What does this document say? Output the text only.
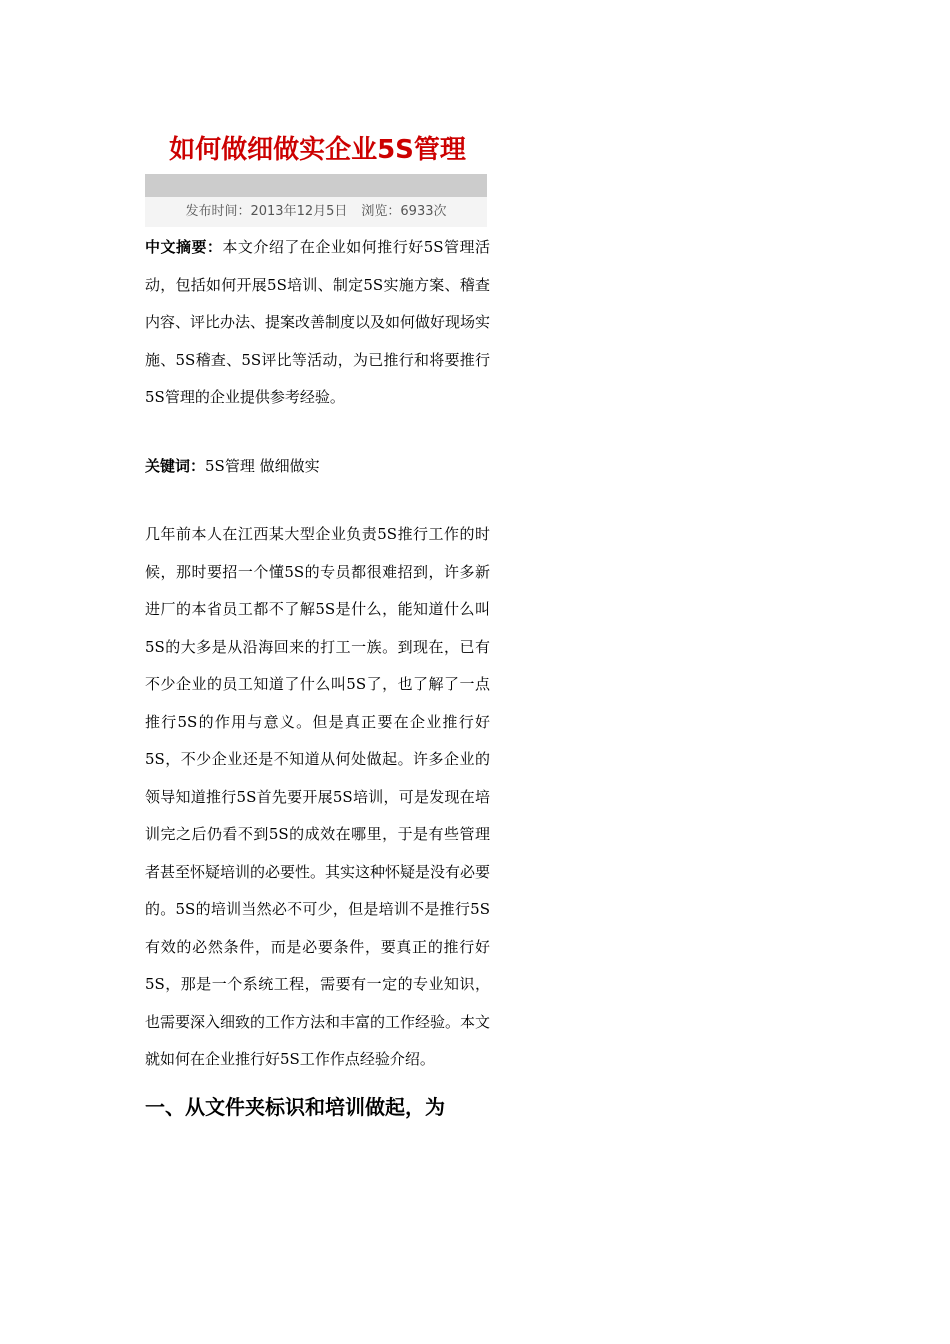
如何做细做实企业5S管理
发布时间：2013年12月5日 浏览：6933次

中文摘要：本文介绍了在企业如何推行好5S管理活动，包括如何开展5S培训、制定5S实施方案、稽查内容、评比办法、提案改善制度以及如何做好现场实施、5S稽查、5S评比等活动，为已推行和将要推行5S管理的企业提供参考经验。

关键词：5S管理 做细做实

几年前本人在江西某大型企业负责5S推行工作的时候，那时要招一个懂5S的专员都很难招到，许多新进厂的本省员工都不了解5S是什么，能知道什么叫5S的大多是从沿海回来的打工一族。到现在，已有不少企业的员工知道了什么叫5S了，也了解了一点推行5S的作用与意义。但是真正要在企业推行好5S，不少企业还是不知道从何处做起。许多企业的领导知道推行5S首先要开展5S培训，可是发现在培训完之后仍看不到5S的成效在哪里，于是有些管理者甚至怀疑培训的必要性。其实这种怀疑是没有必要的。5S的培训当然必不可少，但是培训不是推行5S有效的必然条件，而是必要条件，要真正的推行好5S，那是一个系统工程，需要有一定的专业知识，也需要深入细致的工作方法和丰富的工作经验。本文就如何在企业推行好5S工作作点经验介绍。

一、从文件夹标识和培训做起，为
